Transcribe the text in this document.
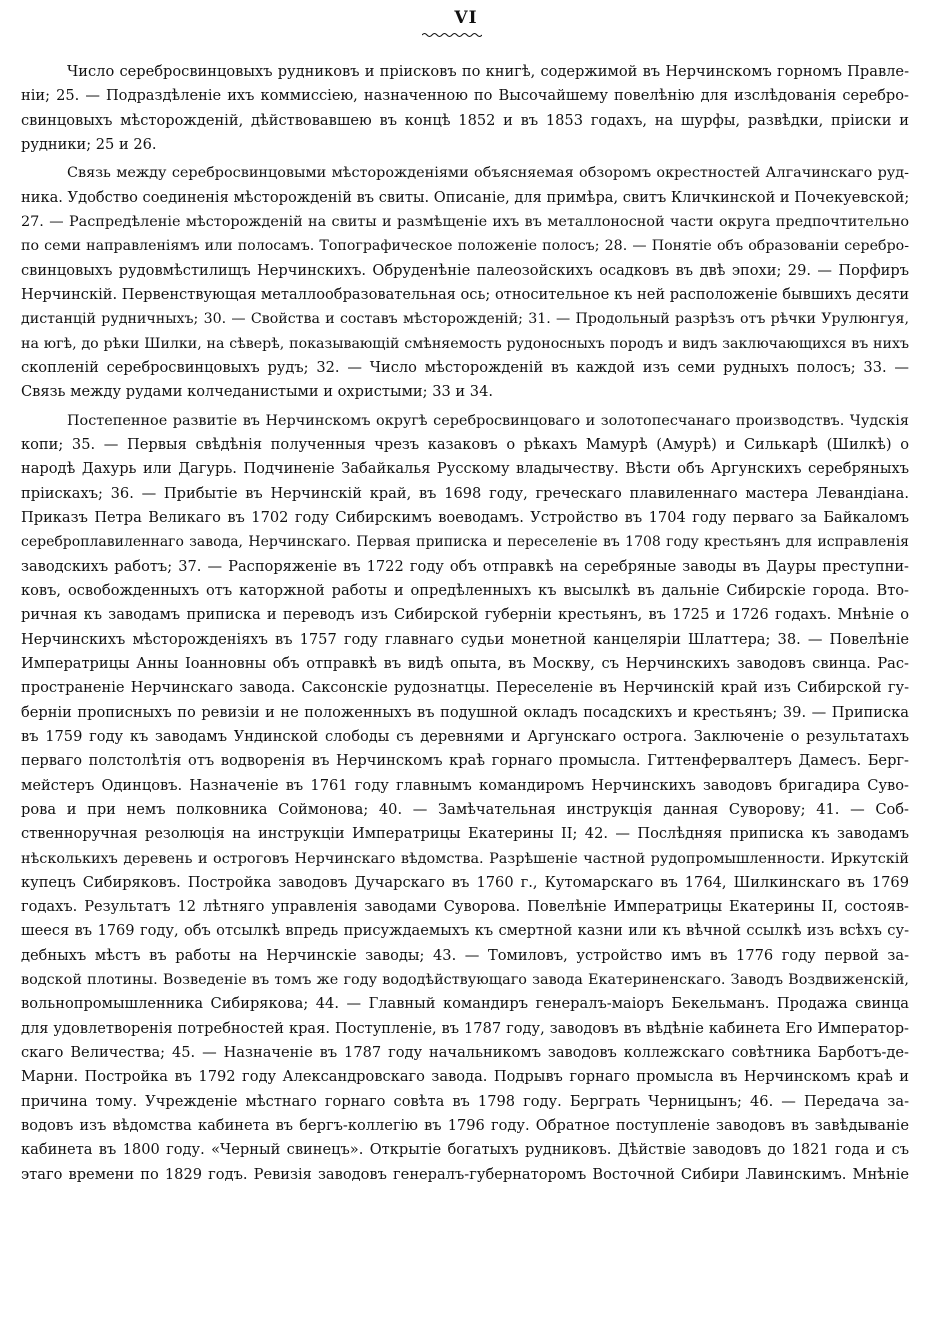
VI
Число серебросвинцовыхъ рудниковъ и пріисковъ по книгѣ, содержимой въ Нерчинскомъ горномъ Правле-
ніи; 25. — Подраздѣленіе ихъ коммиссіею, назначенною по Высочайшему повелѣнію для изслѣдованія серебро-
свинцовыхъ мѣсторожденій, дѣйствовавшею въ концѣ 1852 и въ 1853 годахъ, на шурфы, развѣдки, пріиски и
рудники; 25 и 26.
Связь между серебросвинцовыми мѣсторожденіями объясняемая обзоромъ окрестностей Алгачинскаго руд-
ника. Удобство соединенія мѣсторожденій въ свиты. Описаніе, для примѣра, свитъ Кличкинской и Почекуевской;
27. — Распредѣленіе мѣсторожденій на свиты и размѣщеніе ихъ въ металлоносной части округа предпочтительно
по семи направленіямъ или полосамъ. Топографическое положеніе полосъ; 28. — Понятіе объ образованіи серебро-
свинцовыхъ рудовмѣстилищъ Нерчинскихъ. Обруденѣніе палеозойскихъ осадковъ въ двѣ эпохи; 29. — Порфиръ
Нерчинскій. Первенствующая металлообразовательная ось; относительное къ ней расположеніе бывшихъ десяти
дистанцій рудничныхъ; 30. — Свойства и составъ мѣсторожденій; 31. — Продольный разрѣзъ отъ рѣчки Урулюнгуя,
на югѣ, до рѣки Шилки, на сѣверѣ, показывающій смѣняемость рудоносныхъ породъ и видъ заключающихся въ нихъ
скопленій серебросвинцовыхъ рудъ; 32. — Число мѣсторожденій въ каждой изъ семи рудныхъ полосъ; 33. —
Связь между рудами колчеданистыми и охристыми; 33 и 34.
Постепенное развитіе въ Нерчинскомъ округѣ серебросвинцоваго и золотопесчанаго производствъ. Чудскія
копи; 35. — Первыя свѣдѣнія полученныя чрезъ казаковъ о рѣкахъ Мамурѣ (Амурѣ) и Силькарѣ (Шилкѣ) о
народѣ Дахурь или Дагурь. Подчиненіе Забайкалья Русскому владычеству. Вѣсти объ Аргунскихъ серебряныхъ
пріискахъ; 36. — Прибытіе въ Нерчинскій край, въ 1698 году, греческаго плавиленнаго мастера Левандіана.
Приказъ Петра Великаго въ 1702 году Сибирскимъ воеводамъ. Устройство въ 1704 году перваго за Байкаломъ
сереброплавиленнаго завода, Нерчинскаго. Первая приписка и переселеніе въ 1708 году крестьянъ для исправленія
заводскихъ работъ; 37. — Распоряженіе въ 1722 году объ отправкѣ на серебряные заводы въ Дауры преступни-
ковъ, освобожденныхъ отъ каторжной работы и опредѣленныхъ къ высылкѣ въ дальніе Сибирскіе города. Вто-
ричная къ заводамъ приписка и переводъ изъ Сибирской губерніи крестьянъ, въ 1725 и 1726 годахъ. Мнѣніе о
Нерчинскихъ мѣсторожденіяхъ въ 1757 году главнаго судьи монетной канцеляріи Шлаттера; 38. — Повелѣніе
Императрицы Анны Іоанновны объ отправкѣ въ видѣ опыта, въ Москву, съ Нерчинскихъ заводовъ свинца. Рас-
пространеніе Нерчинскаго завода. Саксонскіе рудознатцы. Переселеніе въ Нерчинскій край изъ Сибирской гу-
берніи прописныхъ по ревизіи и не положенныхъ въ подушной окладъ посадскихъ и крестьянъ; 39. — Приписка
въ 1759 году къ заводамъ Ундинской слободы съ деревнями и Аргунскаго острога. Заключеніе о результатахъ
перваго полстолѣтія отъ водворенія въ Нерчинскомъ краѣ горнаго промысла. Гиттенфервалтеръ Дамесъ. Берг-
мейстеръ Одинцовъ. Назначеніе въ 1761 году главнымъ командиромъ Нерчинскихъ заводовъ бригадира Суво-
рова и при немъ полковника Соймонова; 40. — Замѣчательная инструкція данная Суворову; 41. — Соб-
ственноручная резолюція на инструкціи Императрицы Екатерины II; 42. — Послѣдняя приписка къ заводамъ
нѣсколькихъ деревень и остроговъ Нерчинскаго вѣдомства. Разрѣшеніе частной рудопромышленности. Иркутскій
купецъ Сибиряковъ. Постройка заводовъ Дучарскаго въ 1760 г., Кутомарскаго въ 1764, Шилкинскаго въ 1769
годахъ. Результатъ 12 лѣтняго управленія заводами Суворова. Повелѣніе Императрицы Екатерины II, состояв-
шееся въ 1769 году, объ отсылкѣ впредь присуждаемыхъ къ смертной казни или къ вѣчной ссылкѣ изъ всѣхъ су-
дебныхъ мѣстъ въ работы на Нерчинскіе заводы; 43. — Томиловъ, устройство имъ въ 1776 году первой за-
водской плотины. Возведеніе въ томъ же году вододѣйствующаго завода Екатериненскаго. Заводъ Воздвиженскій,
вольнопромышленника Сибирякова; 44. — Главный командиръ генералъ-маіоръ Бекельманъ. Продажа свинца
для удовлетворенія потребностей края. Поступленіе, въ 1787 году, заводовъ въ вѣдѣніе кабинета Его Император-
скаго Величества; 45. — Назначеніе въ 1787 году начальникомъ заводовъ коллежскаго совѣтника Барботъ-де-
Марни. Постройка въ 1792 году Александровскаго завода. Подрывъ горнаго промысла въ Нерчинскомъ краѣ и
причина тому. Учрежденіе мѣстнаго горнаго совѣта въ 1798 году. Берграть Черницынъ; 46. — Передача за-
водовъ изъ вѣдомства кабинета въ бергъ-коллегію въ 1796 году. Обратное поступленіе заводовъ въ завѣдываніе
кабинета въ 1800 году. «Черный свинецъ». Открытіе богатыхъ рудниковъ. Дѣйствіе заводовъ до 1821 года и съ
этаго времени по 1829 годъ. Ревизія заводовъ генералъ-губернаторомъ Восточной Сибири Лавинскимъ. Мнѣніе
